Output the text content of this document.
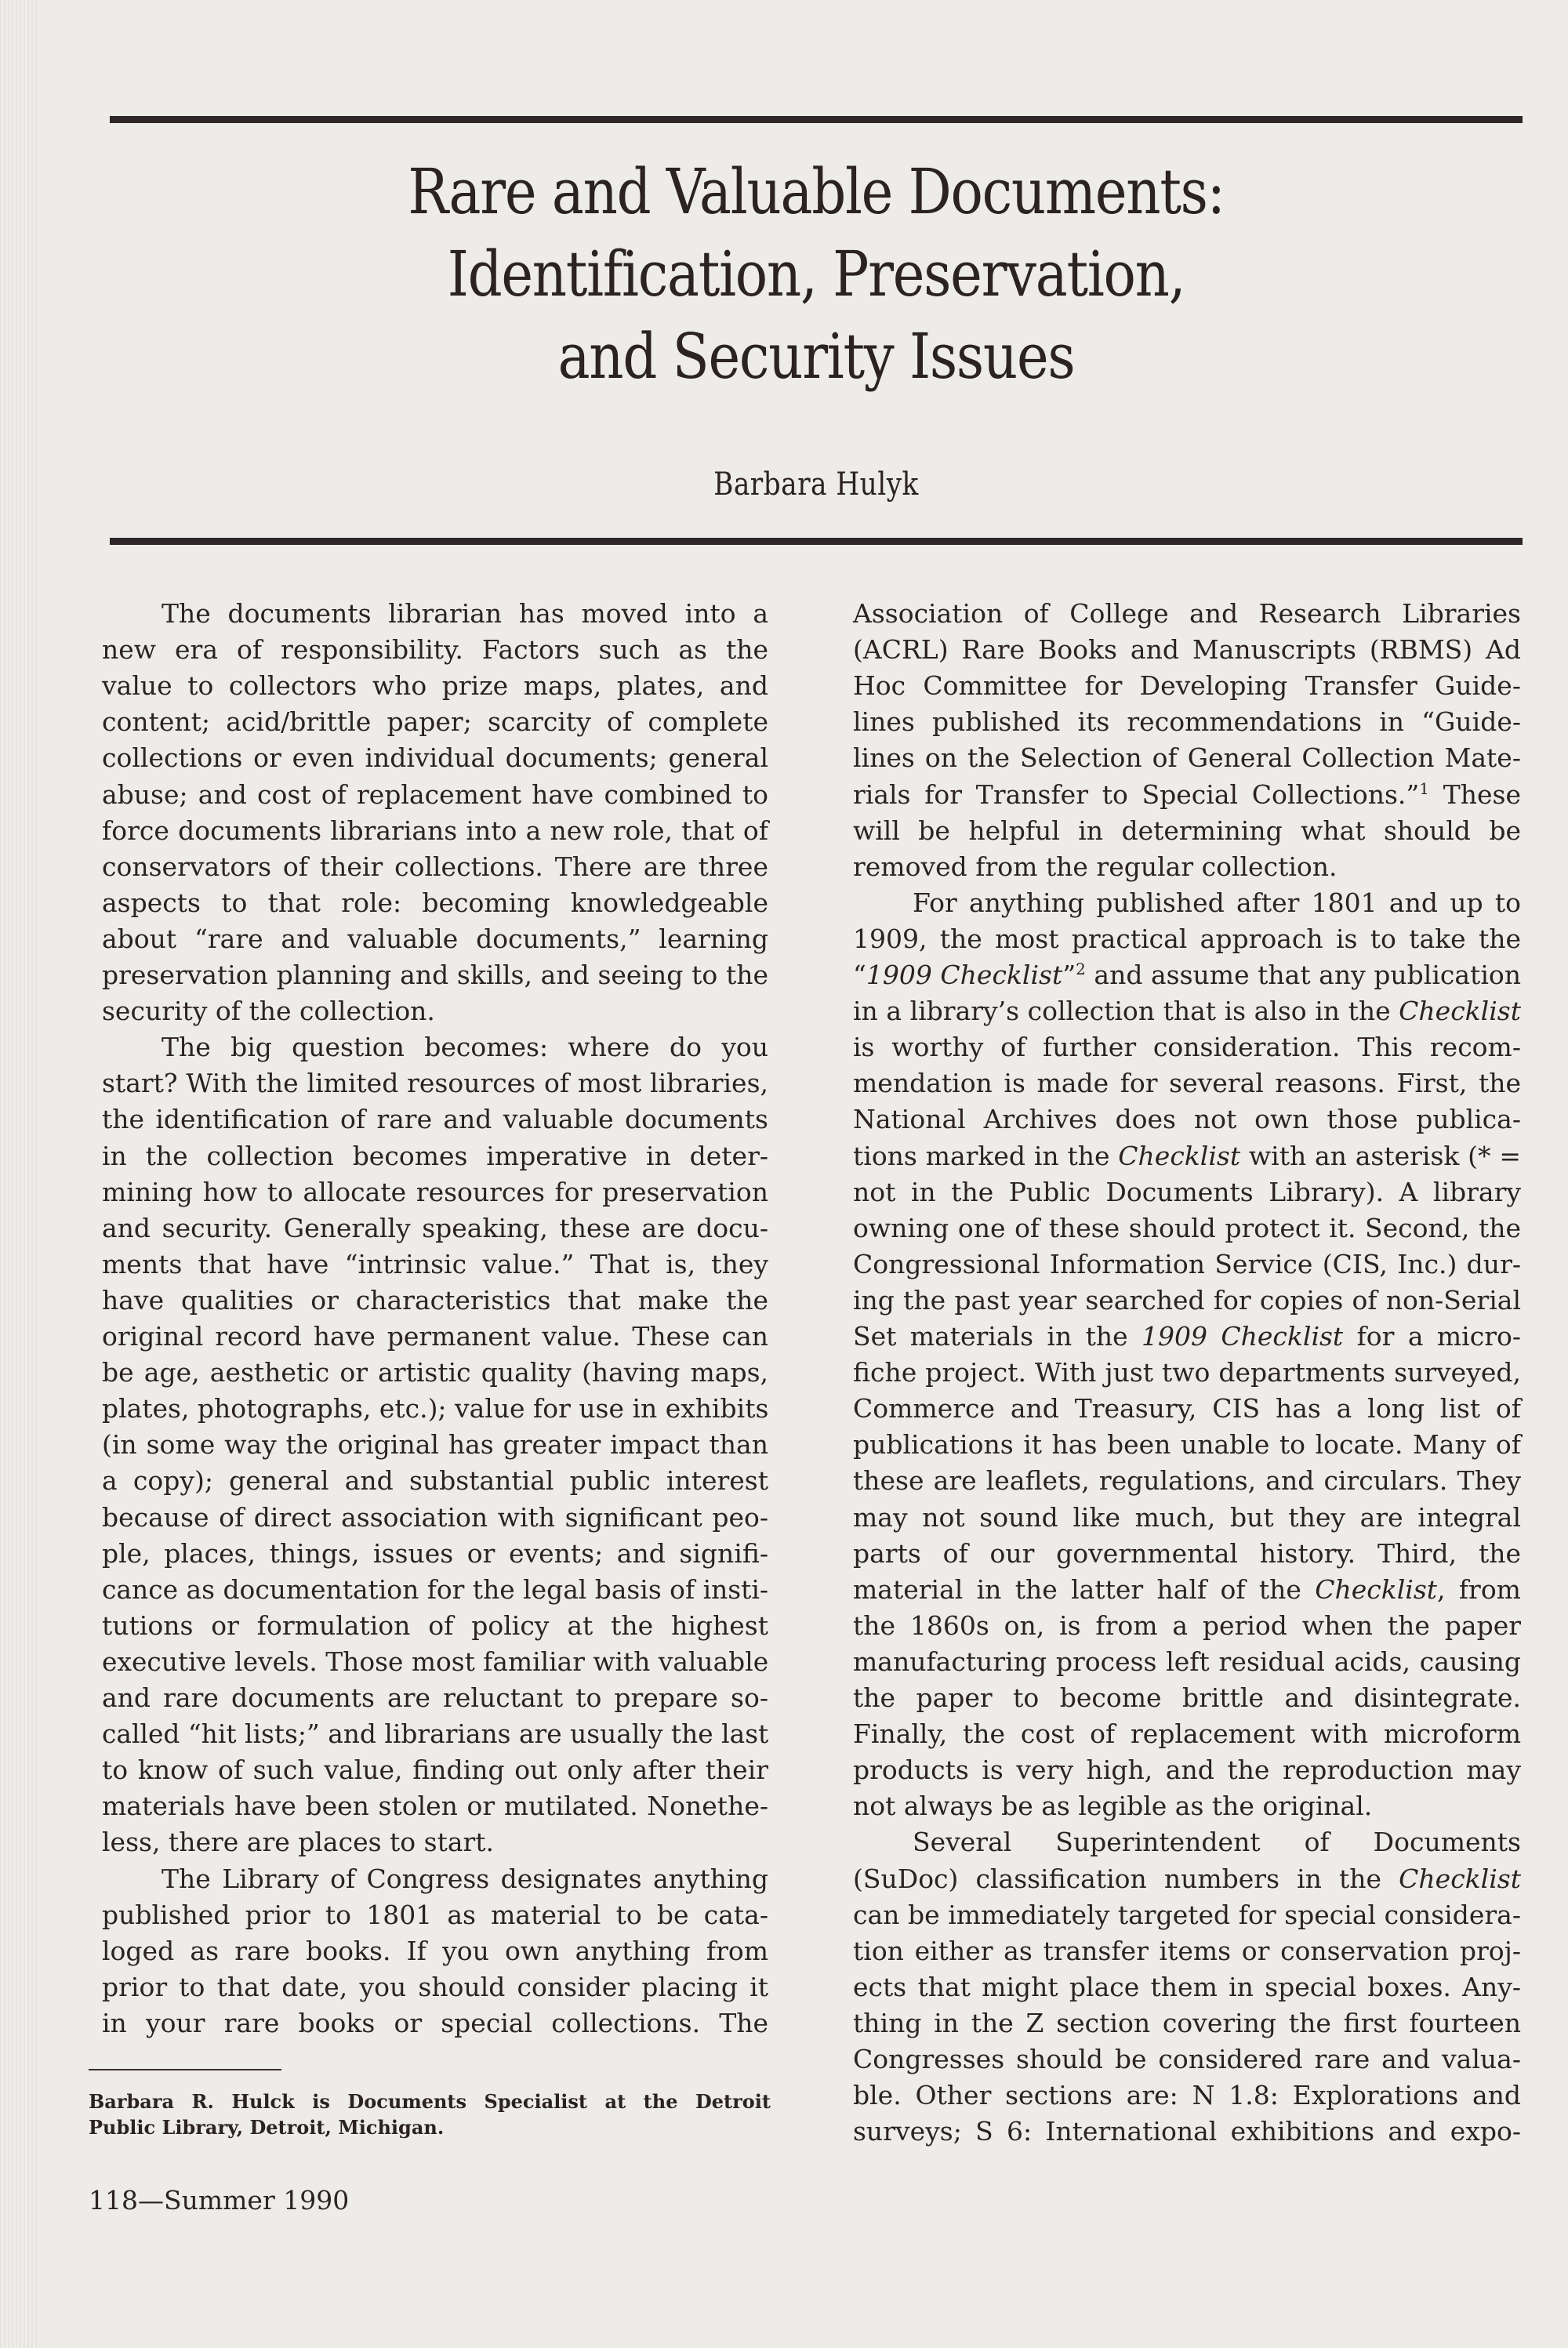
Rare and Valuable Documents:
Identification, Preservation,
and Security Issues
Barbara Hulyk
The documents librarian has moved into a
new era of responsibility. Factors such as the
value to collectors who prize maps, plates, and
content; acid/brittle paper; scarcity of complete
collections or even individual documents; general
abuse; and cost of replacement have combined to
force documents librarians into a new role, that of
conservators of their collections. There are three
aspects to that role: becoming knowledgeable
about “rare and valuable documents,” learning
preservation planning and skills, and seeing to the
security of the collection.
The big question becomes: where do you
start? With the limited resources of most libraries,
the identification of rare and valuable documents
in the collection becomes imperative in deter-
mining how to allocate resources for preservation
and security. Generally speaking, these are docu-
ments that have “intrinsic value.” That is, they
have qualities or characteristics that make the
original record have permanent value. These can
be age, aesthetic or artistic quality (having maps,
plates, photographs, etc.); value for use in exhibits
(in some way the original has greater impact than
a copy); general and substantial public interest
because of direct association with significant peo-
ple, places, things, issues or events; and signifi-
cance as documentation for the legal basis of insti-
tutions or formulation of policy at the highest
executive levels. Those most familiar with valuable
and rare documents are reluctant to prepare so-
called “hit lists;” and librarians are usually the last
to know of such value, finding out only after their
materials have been stolen or mutilated. Nonethe-
less, there are places to start.
The Library of Congress designates anything
published prior to 1801 as material to be cata-
loged as rare books. If you own anything from
prior to that date, you should consider placing it
in your rare books or special collections. The
Association of College and Research Libraries
(ACRL) Rare Books and Manuscripts (RBMS) Ad
Hoc Committee for Developing Transfer Guide-
lines published its recommendations in “Guide-
lines on the Selection of General Collection Mate-
rials for Transfer to Special Collections.”$^1$ These
will be helpful in determining what should be
removed from the regular collection.
For anything published after 1801 and up to
1909, the most practical approach is to take the
“1909 Checklist”$^2$ and assume that any publication
in a library’s collection that is also in the Checklist
is worthy of further consideration. This recom-
mendation is made for several reasons. First, the
National Archives does not own those publica-
tions marked in the Checklist with an asterisk (* =
not in the Public Documents Library). A library
owning one of these should protect it. Second, the
Congressional Information Service (CIS, Inc.) dur-
ing the past year searched for copies of non-Serial
Set materials in the 1909 Checklist for a micro-
fiche project. With just two departments surveyed,
Commerce and Treasury, CIS has a long list of
publications it has been unable to locate. Many of
these are leaflets, regulations, and circulars. They
may not sound like much, but they are integral
parts of our governmental history. Third, the
material in the latter half of the Checklist, from
the 1860s on, is from a period when the paper
manufacturing process left residual acids, causing
the paper to become brittle and disintegrate.
Finally, the cost of replacement with microform
products is very high, and the reproduction may
not always be as legible as the original.
Several Superintendent of Documents
(SuDoc) classification numbers in the Checklist
can be immediately targeted for special considera-
tion either as transfer items or conservation proj-
ects that might place them in special boxes. Any-
thing in the Z section covering the first fourteen
Congresses should be considered rare and valua-
ble. Other sections are: N 1.8: Explorations and
surveys; S 6: International exhibitions and expo-
Barbara R. Hulck is Documents Specialist at the Detroit
Public Library, Detroit, Michigan.
118—Summer 1990
